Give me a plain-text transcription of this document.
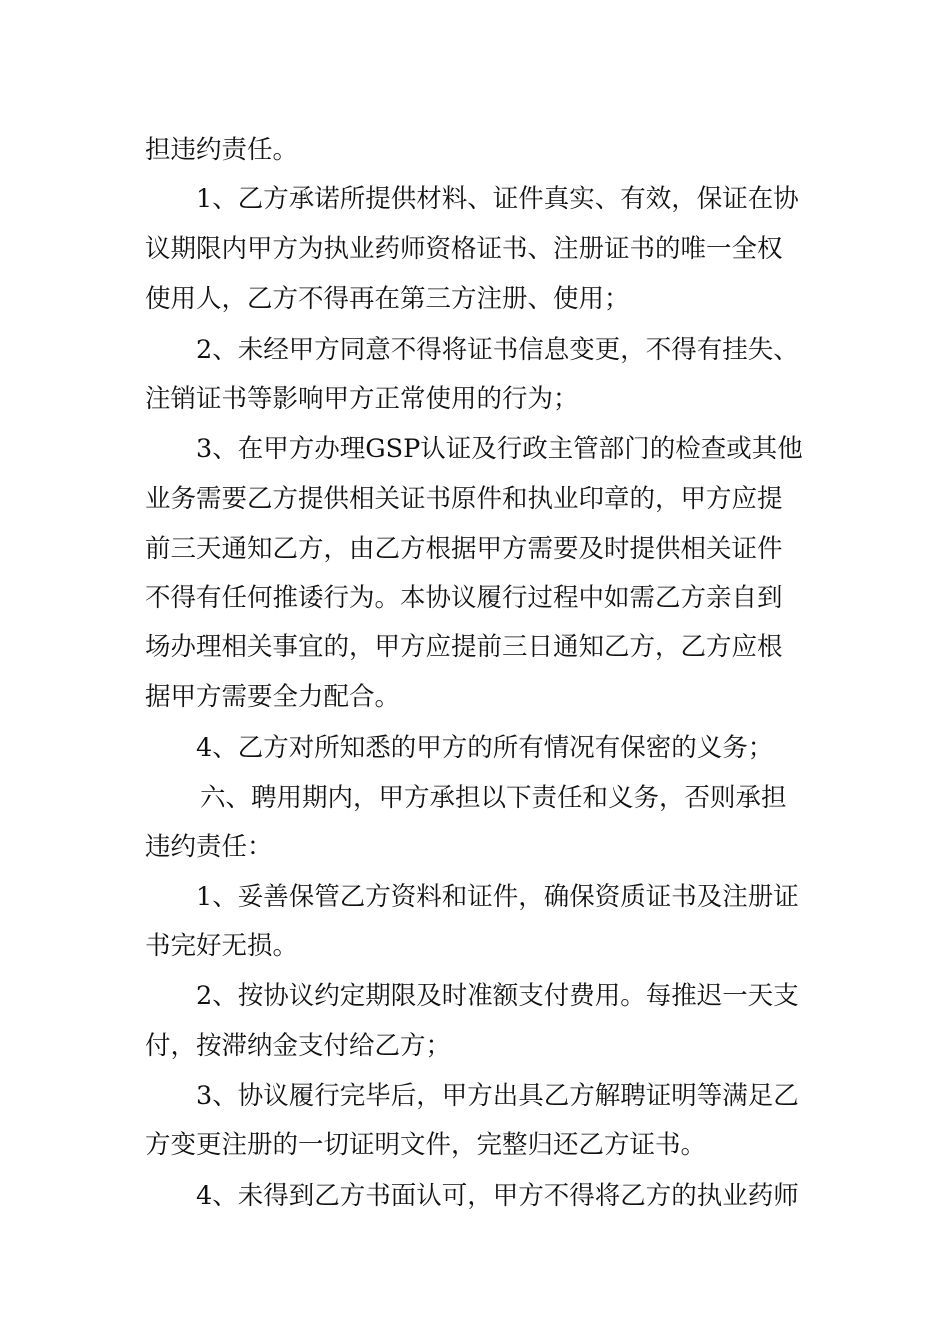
担违约责任。

1、乙方承诺所提供材料、证件真实、有效，保证在协

议期限内甲方为执业药师资格证书、注册证书的唯一全权

使用人，乙方不得再在第三方注册、使用；

2、未经甲方同意不得将证书信息变更，不得有挂失、

注销证书等影响甲方正常使用的行为；

3、在甲方办理GSP认证及行政主管部门的检查或其他

业务需要乙方提供相关证书原件和执业印章的，甲方应提

前三天通知乙方，由乙方根据甲方需要及时提供相关证件

不得有任何推诿行为。本协议履行过程中如需乙方亲自到

场办理相关事宜的，甲方应提前三日通知乙方，乙方应根

据甲方需要全力配合。

4、乙方对所知悉的甲方的所有情况有保密的义务；

六、聘用期内，甲方承担以下责任和义务，否则承担

违约责任：

1、妥善保管乙方资料和证件，确保资质证书及注册证

书完好无损。

2、按协议约定期限及时准额支付费用。每推迟一天支

付，按滞纳金支付给乙方；

3、协议履行完毕后，甲方出具乙方解聘证明等满足乙

方变更注册的一切证明文件，完整归还乙方证书。

4、未得到乙方书面认可，甲方不得将乙方的执业药师
